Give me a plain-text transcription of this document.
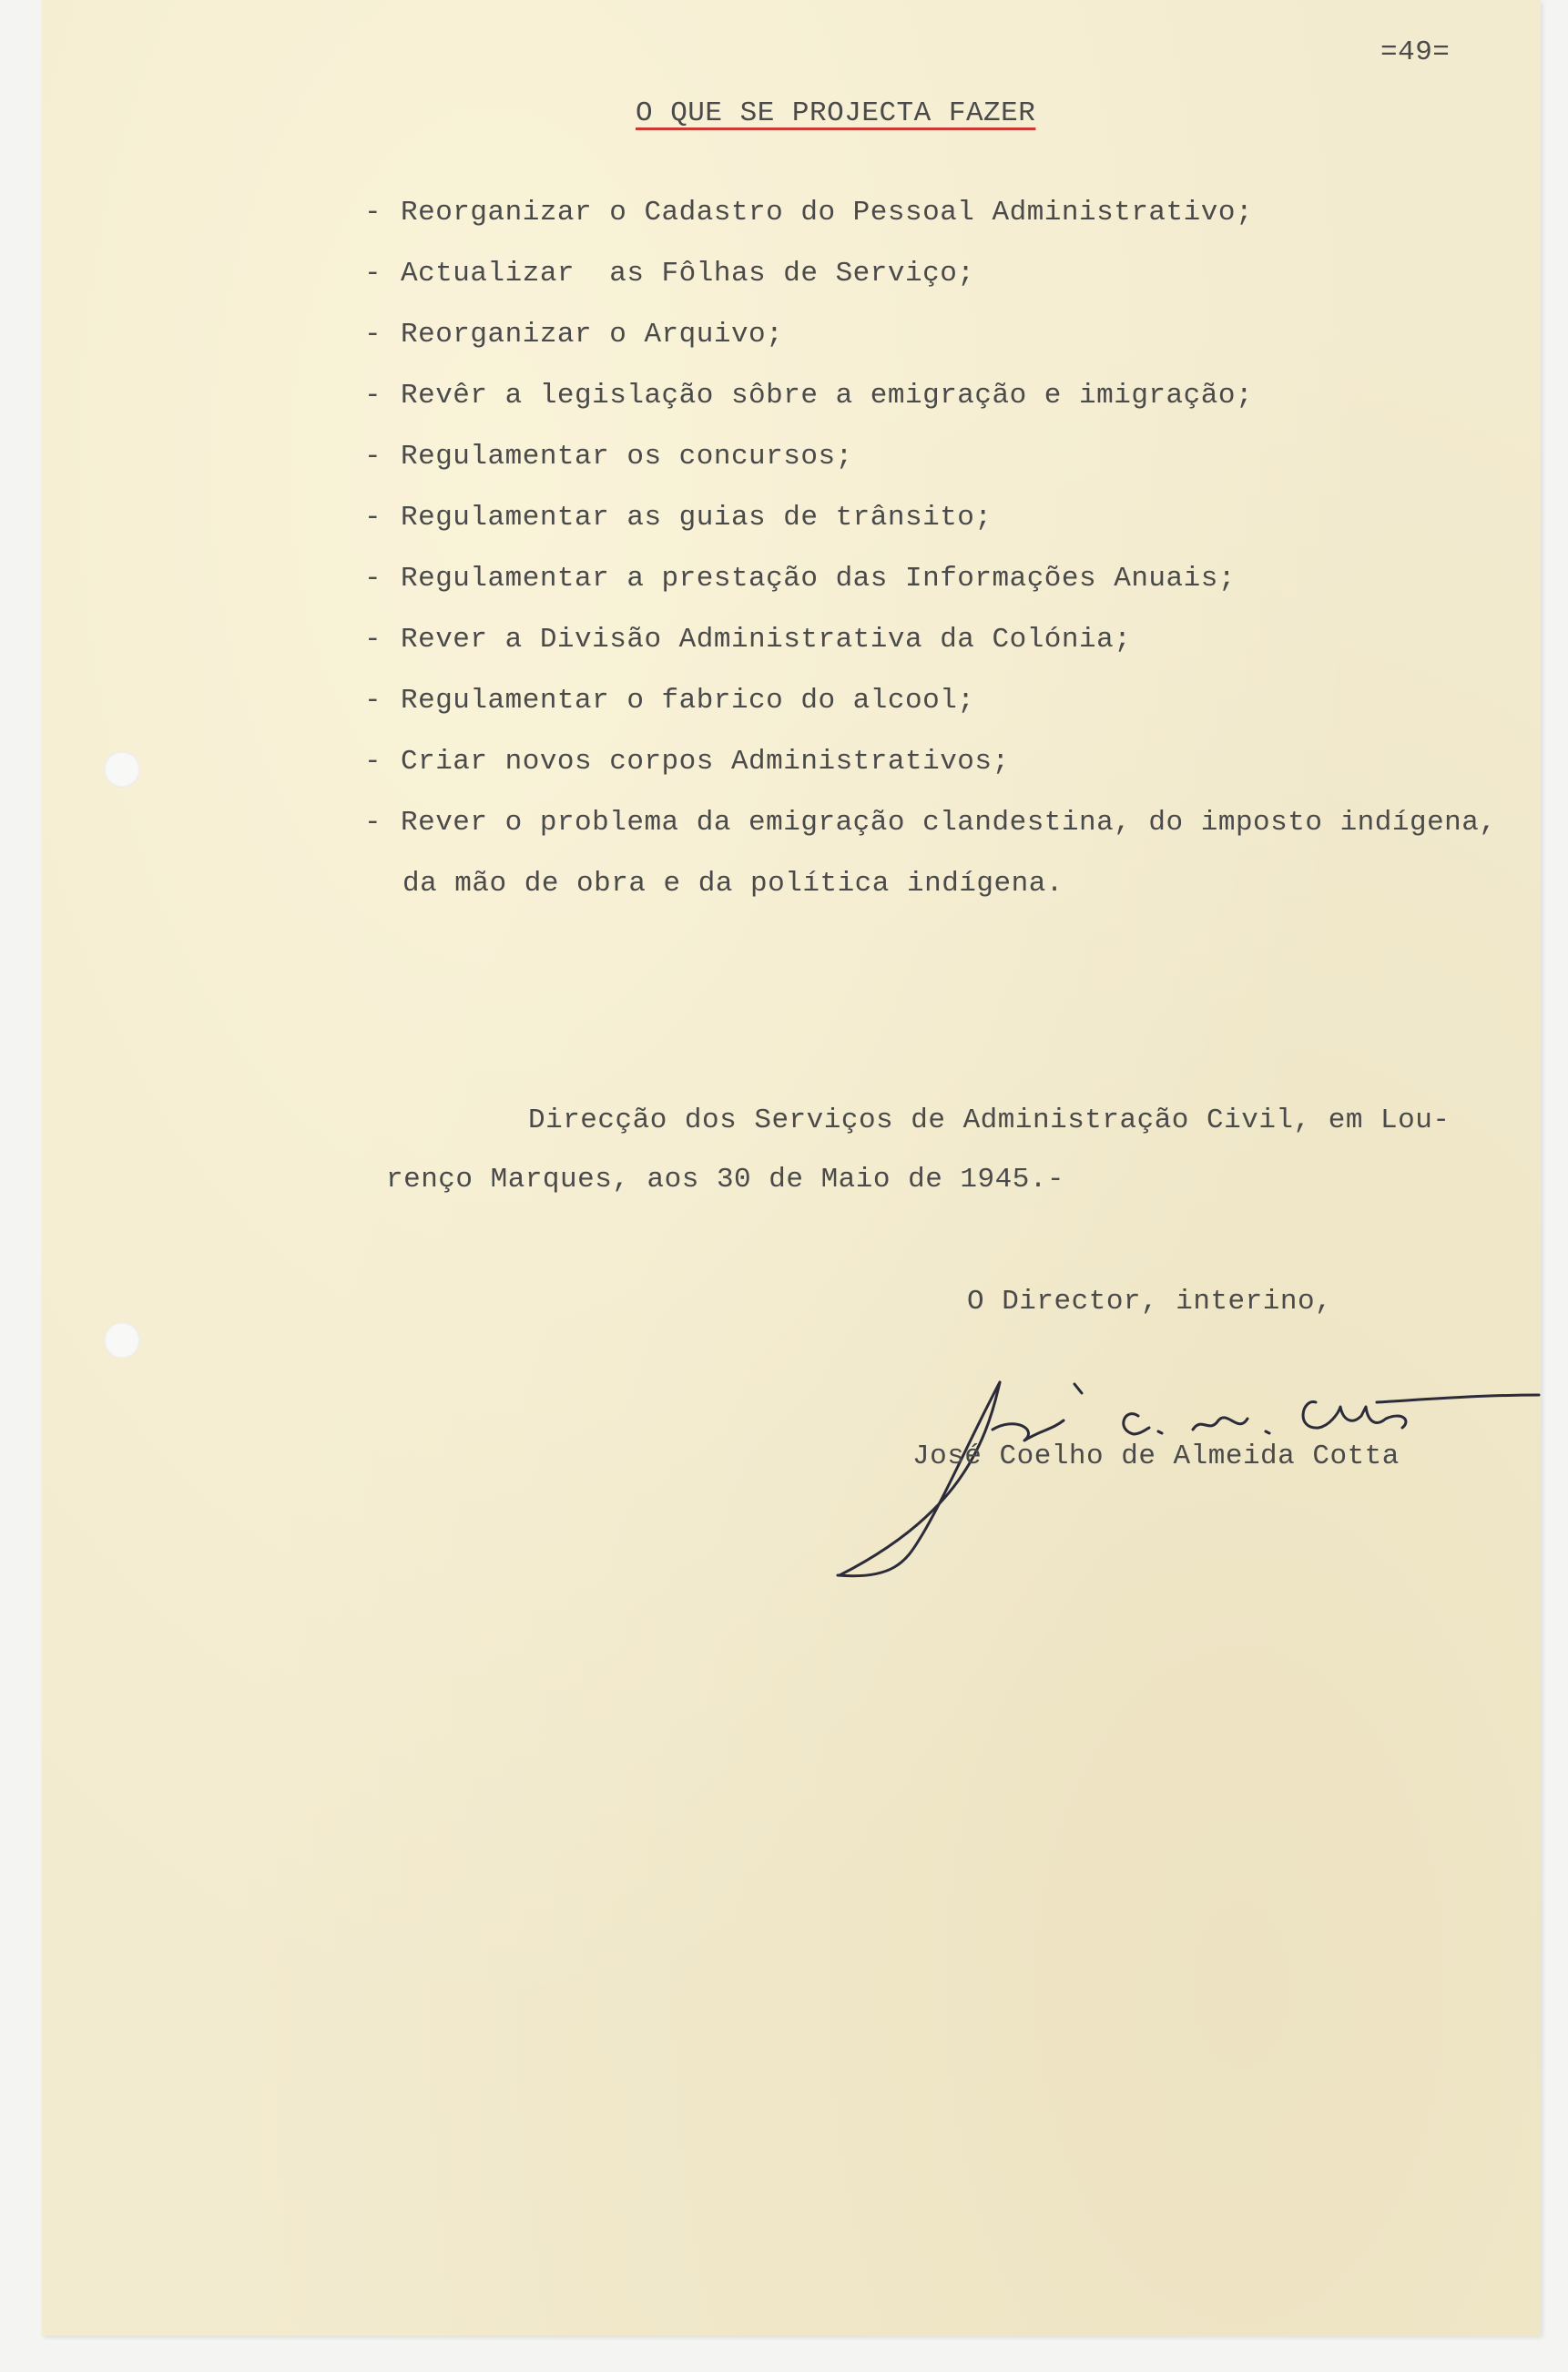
=49=
O QUE SE PROJECTA FAZER
- Reorganizar o Cadastro do Pessoal Administrativo;
- Actualizar  as Fôlhas de Serviço;
- Reorganizar o Arquivo;
- Revêr a legislação sôbre a emigração e imigração;
- Regulamentar os concursos;
- Regulamentar as guias de trânsito;
- Regulamentar a prestação das Informações Anuais;
- Rever a Divisão Administrativa da Colónia;
- Regulamentar o fabrico do alcool;
- Criar novos corpos Administrativos;
- Rever o problema da emigração clandestina, do imposto indígena,
da mão de obra e da política indígena.
Direcção dos Serviços de Administração Civil, em Lou-
renço Marques, aos 30 de Maio de 1945.-
O Director, interino,
José Coelho de Almeida Cotta
